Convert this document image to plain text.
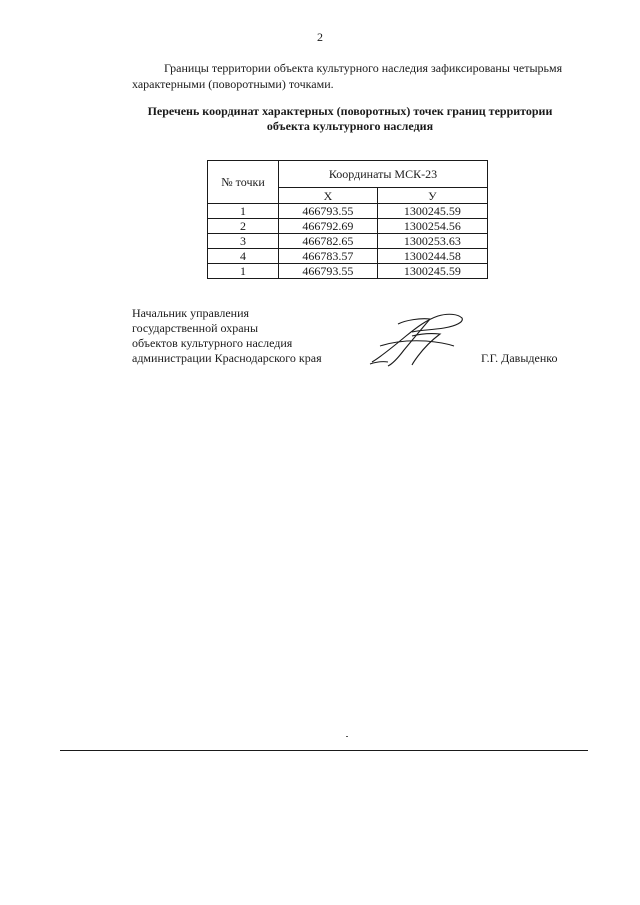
2

Границы территории объекта культурного наследия зафиксированы четырьмя характерными (поворотными) точками.

Перечень координат характерных (поворотных) точек границ территории
объекта культурного наследия
№ точки	Координаты МСК-23	
	X	У
1	466793.55	1300245.59
2	466792.69	1300254.56
3	466782.65	1300253.63
4	466783.57	1300244.58
1	466793.55	1300245.59
Начальник управления
государственной охраны
объектов культурного наследия
администрации Краснодарского края	Г.Г. Давыденко
